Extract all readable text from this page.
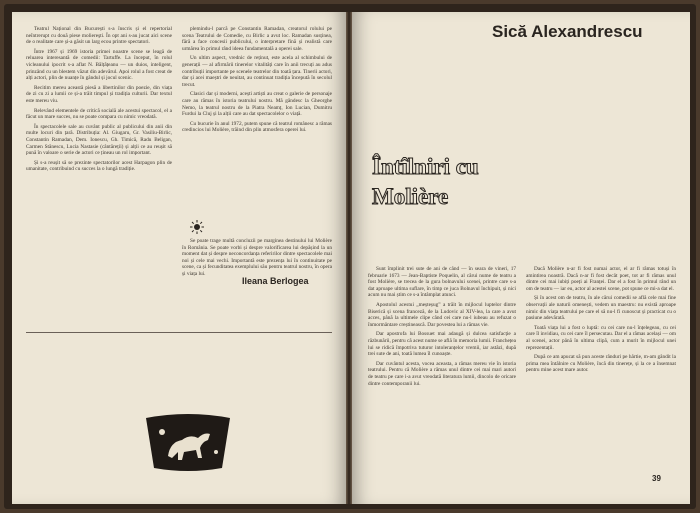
Teatrul Național din București s-a înscris și el repertorial neîntrerupt cu două piese moliereşti. În opt ani s-au jucat aici scene de o realitate care și-a găsit un larg ecou printre spectatori.

Între 1967 și 1969 istoria primei noastre scene se leagă de reluarea interesantă de comedii: Tartuffe. La început, în rolul vicleanului ipocrit s-a aflat N. Bălțățeanu — un duios, inteligent, prinzând cu un blestem văzut din adevărul. Apoi rolul a fost creat de alți actori, plin de nuanțe în gândul și jocul scenic.

Recitim mereu această piesă a libertinilor din poezie, din viața de zi cu zi a lumii ce și-a trăit timpul și tradiția culturii. Dar textul este mereu viu.

Relevând elementele de critică socială ale acestui spectacol, el a făcut un mare succes, nu se poate compara cu nimic vreodată.

În spectacolele sale au cuvânt public al publicului din anii din multe locuri din țară. Distribuția: Al. Giugaru, Gr. Vasiliu-Birlic, Constantin Ramadan, Dem. Ionescu, Gh. Timică, Radu Beligan, Carmen Stănescu, Lucia Nastasie (cântăreții) și alții ce au reușit să pună în valoare o serie de actori ce țineau un rol important.

Și s-a reușit să se prezinte spectatorilor acest Harpagon plin de umanitate, contribuind cu succes la o lungă tradiție.

plemindu-l parcă pe Constantin Ramadan, creatorul rolului pe scena Teatrului de Comedie, cu Birlic a avut loc. Ramadan susținea, fără a face concesii publicului, o interpretare fină și realistă care urmărea în primul rând ideea fundamentală a operei sale.

Un ultim aspect, vrednic de reținut, este acela al schimbului de generații — al afirmării tinerelor vitalități care în anii trecuți au adus contribuții importante pe scenele teatrelor din toată țara. Tinerii actori, dar și acei maeștri de neuitat, au continuat tradiția începută în secolul trecut.

Clasici dar și moderni, acești artiști au creat o galerie de personaje care au rămas în istoria teatrului nostru. Mă gândesc la Gheorghe Nemo, la teatrul nostru de la Piatra Neamț, Ion Lucian, Dumitru Furdui la Cluj și la alții care au dat spectacolelor o viață.

Cu bucurie în anul 1972, putem spune că teatrul românesc a rămas credincios lui Molière, trăind din plin atmosfera operei lui.

Se poate trage multă concluzii pe marginea destinului lui Molière în România. Se poate vorbi și despre valorificarea lui depășind la un moment dat și despre neconcordanța referirilor dintre spectacolele mai noi și cele mai vechi. Importantă este prezența lui în continuitate pe scene, ca și fecunditatea exemplului său pentru teatrul nostru, în opera și viața lui.

Ileana Berlogea
Sică Alexandrescu
Întîlniri cu Molière

Sunt împlinit trei sute de ani de când — în seara de vineri, 17 februarie 1673 — Jean-Baptiste Poquelin, al cărui nume de teatru a fost Molière, se trecea de la gura bolnavului scenei, printre care s-a dat aproape ultima suflare, în timp ce juca Bolnavul închipuit, și nici acum nu mai știm ce s-a întâmplat atunci.

Apostolul acestui „meșteșug” a trăit în mijlocul luptelor dintre Biserică și scena franceză, de la Ludovic al XIV-lea, la care a avut acces, până la ultimele clipe când cei care nu-l iubeau au refuzat o înmormântare creștinească. Dar povestea lui a rămas vie.

Dar apostrofa lui Bossuet mai adaugă și dulcea satisfacție a răzbunării, pentru că acest nume se află în memoria lumii. Franchețea lui se ridică împotriva tuturor intoleranțelor vremii, iar astăzi, după trei sute de ani, toată lumea îl cunoaște.

Dar cuvântul acesta, vocea aceasta, a rămas mereu vie în istoria teatrului. Pentru că Molière a rămas unul dintre cei mai mari autori de teatru pe care i-a avut vreodată literatura lumii, dincolo de oricare dintre contemporanii lui.

Dacă Molière n-ar fi fost numai actor, el ar fi rămas totuși în amintirea noastră. Dacă n-ar fi fost decât poet, tot ar fi rămas unul dintre cei mai iubiți poeți ai Franței. Dar el a fost în primul rând un om de teatru — iar eu, actor al acestei scene, pot spune ce mi-a dat el.

Și în acest om de teatru, în ale cărui comedii se află cele mai fine observații ale naturii omenești, vedem un maestru: nu există aproape nimic din viața teatrului pe care el să nu-l fi cunoscut și practicat cu o pasiune adevărată.

Toată viața lui a fost o luptă: cu cei care nu-l înțelegeau, cu cei care îl invidiau, cu cei care îl persecutau. Dar el a rămas același — om al scenei, actor până în ultima clipă, cum a murit în mijlocul unei reprezentații.

După ce am apucat să pun aceste rânduri pe hârtie, m-am gândit la prima mea întâlnire cu Molière, încă din tinerețe, și la ce a însemnat pentru mine acest mare autor.

39
